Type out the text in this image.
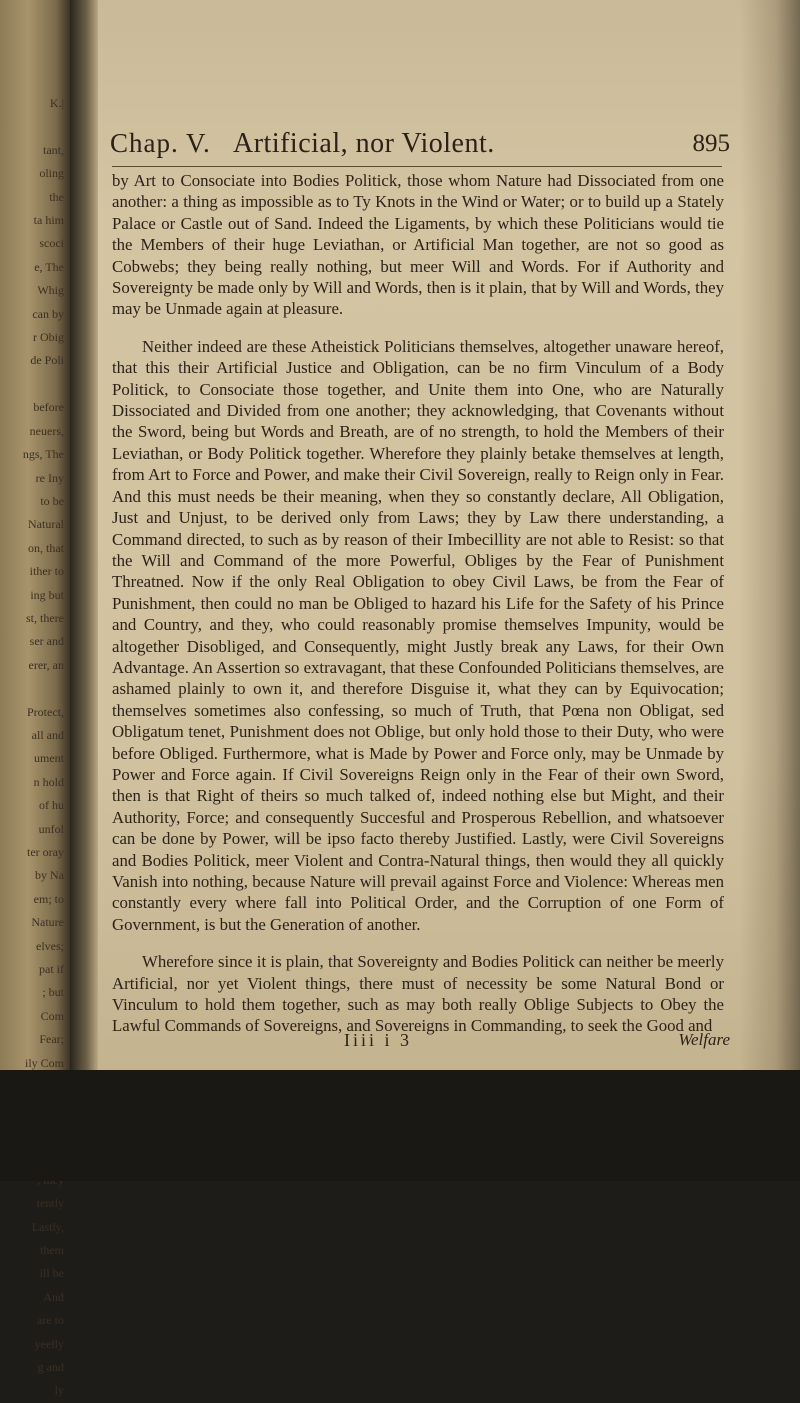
K.|

tant,
oling
the
ta him
scoci
e, The
Whig
can by
r Obig
de Poli

before
neuers,
ngs, The
re Iny
to be
Natural
on, that
ither to
ing but
st, there
ser and
erer, an

Protect,
all and
ument
n hold
of hu
unfol
ter oray
by Na
em; to
Nature
elves;
pat if
; but
Com
Fear;
ily Com
tently
Lastly,
them
ill be
And
are to
yeelly
g and
ly
Chap. V. Artificial, nor Violent.	895

by Art to Consociate into Bodies Politick, those whom Nature had Dissociated from one another: a thing as impossible as to Ty Knots in the Wind or Water; or to build up a Stately Palace or Castle out of Sand. Indeed the Ligaments, by which these Politicians would tie the Members of their huge Leviathan, or Artificial Man together, are not so good as Cobwebs; they being really nothing, but meer Will and Words. For if Authority and Sovereignty be made only by Will and Words, then is it plain, that by Will and Words, they may be Unmade again at pleasure.

Neither indeed are these Atheistick Politicians themselves, altogether unaware hereof, that this their Artificial Justice and Obligation, can be no firm Vinculum of a Body Politick, to Consociate those together, and Unite them into One, who are Naturally Dissociated and Divided from one another; they acknowledging, that Covenants without the Sword, being but Words and Breath, are of no strength, to hold the Members of their Leviathan, or Body Politick together. Wherefore they plainly betake themselves at length, from Art to Force and Power, and make their Civil Sovereign, really to Reign only in Fear. And this must needs be their meaning, when they so constantly declare, All Obligation, Just and Unjust, to be derived only from Laws; they by Law there understanding, a Command directed, to such as by reason of their Imbecillity are not able to Resist: so that the Will and Command of the more Powerful, Obliges by the Fear of Punishment Threatned. Now if the only Real Obligation to obey Civil Laws, be from the Fear of Punishment, then could no man be Obliged to hazard his Life for the Safety of his Prince and Country, and they, who could reasonably promise themselves Impunity, would be altogether Disobliged, and Consequently, might Justly break any Laws, for their Own Advantage. An Assertion so extravagant, that these Confounded Politicians themselves, are ashamed plainly to own it, and therefore Disguise it, what they can by Equivocation; themselves sometimes also confessing, so much of Truth, that Pœna non Obligat, sed Obligatum tenet, Punishment does not Oblige, but only hold those to their Duty, who were before Obliged. Furthermore, what is Made by Power and Force only, may be Unmade by Power and Force again. If Civil Sovereigns Reign only in the Fear of their own Sword, then is that Right of theirs so much talked of, indeed nothing else but Might, and their Authority, Force; and consequently Succesful and Prosperous Rebellion, and whatsoever can be done by Power, will be ipso facto thereby Justified. Lastly, were Civil Sovereigns and Bodies Politick, meer Violent and Contra-Natural things, then would they all quickly Vanish into nothing, because Nature will prevail against Force and Violence: Whereas men constantly every where fall into Political Order, and the Corruption of one Form of Government, is but the Generation of another.

Wherefore since it is plain, that Sovereignty and Bodies Politick can neither be meerly Artificial, nor yet Violent things, there must of necessity be some Natural Bond or Vinculum to hold them together, such as may both really Oblige Subjects to Obey the Lawful Commands of Sovereigns, and Sovereigns in Commanding, to seek the Good and

Iiii i 3	Welfare
